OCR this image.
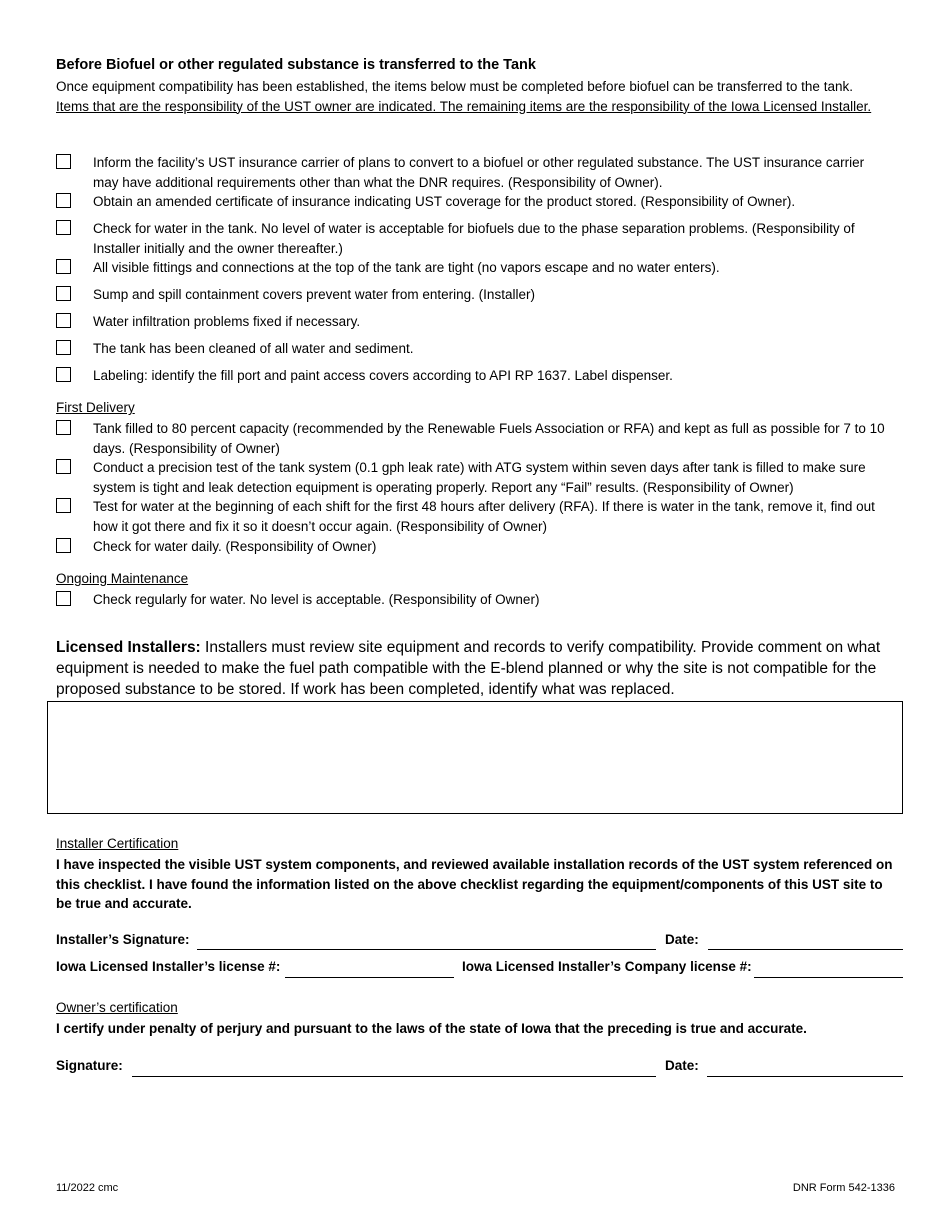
Before Biofuel or other regulated substance is transferred to the Tank
Once equipment compatibility has been established, the items below must be completed before biofuel can be transferred to the tank. Items that are the responsibility of the UST owner are indicated. The remaining items are the responsibility of the Iowa Licensed Installer.
Inform the facility’s UST insurance carrier of plans to convert to a biofuel or other regulated substance. The UST insurance carrier may have additional requirements other than what the DNR requires. (Responsibility of Owner).
Obtain an amended certificate of insurance indicating UST coverage for the product stored. (Responsibility of Owner).
Check for water in the tank. No level of water is acceptable for biofuels due to the phase separation problems. (Responsibility of Installer initially and the owner thereafter.)
All visible fittings and connections at the top of the tank are tight (no vapors escape and no water enters).
Sump and spill containment covers prevent water from entering. (Installer)
Water infiltration problems fixed if necessary.
The tank has been cleaned of all water and sediment.
Labeling: identify the fill port and paint access covers according to API RP 1637. Label dispenser.
First Delivery
Tank filled to 80 percent capacity (recommended by the Renewable Fuels Association or RFA) and kept as full as possible for 7 to 10 days. (Responsibility of Owner)
Conduct a precision test of the tank system (0.1 gph leak rate) with ATG system within seven days after tank is filled to make sure system is tight and leak detection equipment is operating properly. Report any “Fail” results. (Responsibility of Owner)
Test for water at the beginning of each shift for the first 48 hours after delivery (RFA). If there is water in the tank, remove it, find out how it got there and fix it so it doesn’t occur again. (Responsibility of Owner)
Check for water daily. (Responsibility of Owner)
Ongoing Maintenance
Check regularly for water. No level is acceptable. (Responsibility of Owner)
Licensed Installers: Installers must review site equipment and records to verify compatibility. Provide comment on what equipment is needed to make the fuel path compatible with the E-blend planned or why the site is not compatible for the proposed substance to be stored. If work has been completed, identify what was replaced.
Installer Certification
I have inspected the visible UST system components, and reviewed available installation records of the UST system referenced on this checklist. I have found the information listed on the above checklist regarding the equipment/components of this UST site to be true and accurate.
Installer’s Signature:	Date:
Iowa Licensed Installer’s license #:	Iowa Licensed Installer’s Company license #:
Owner’s certification
I certify under penalty of perjury and pursuant to the laws of the state of Iowa that the preceding is true and accurate.
Signature:	Date:
11/2022 cmc	DNR Form 542-1336
